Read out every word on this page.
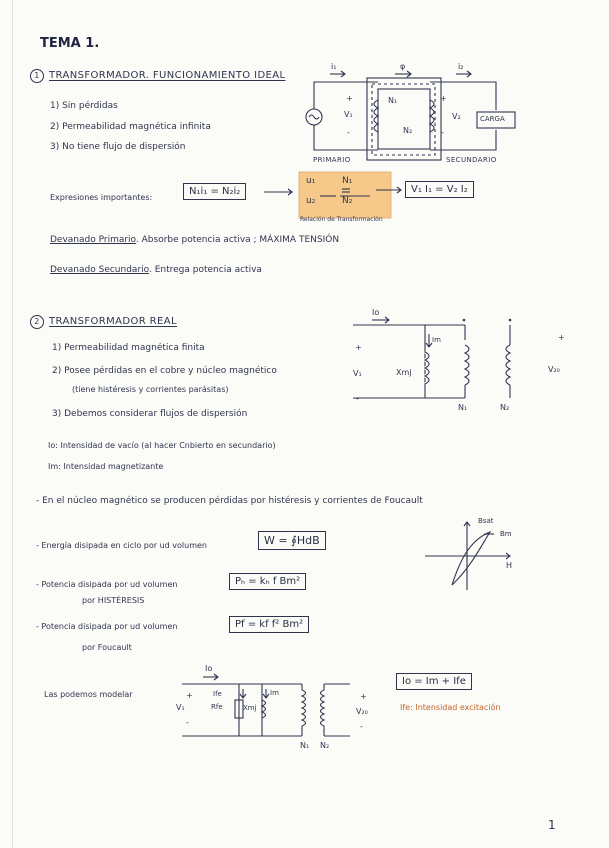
TEMA 1.
1 TRANSFORMADOR. FUNCIONAMIENTO IDEAL
1) Sin pérdidas
2) Permeabilidad magnética infinita
3) No tiene flujo de dispersión
i₁	i₂
φ
N₁
N₂
+
V₁
-
+
V₂
-
CARGA
PRIMARIO	SECUNDARIO
Expresiones importantes:
N₁i₁ = N₂i₂
u₁
u₂
N₁
N₂
Relación de Transformación
V₁ I₁ = V₂ I₂
Devanado Primario. Absorbe potencia activa ; MÁXIMA TENSIÓN
Devanado Secundario. Entrega potencia activa
2 TRANSFORMADOR REAL
1) Permeabilidad magnética finita
2) Posee pérdidas en el cobre y núcleo magnético
(tiene histéresis y corrientes parásitas)
3) Debemos considerar flujos de dispersión
Io: Intensidad de vacío (al hacer Cnbierto en secundario)
Im: Intensidad magnetizante
Io
Im
Xmj
+
V₁
-
+
V₂₀
N₁	N₂
- En el núcleo magnético se producen pérdidas por histéresis y corrientes de Foucault
- Energía disipada en ciclo por ud volumen	W = ∮HdB
Bsat
Bm
H
- Potencia disipada por ud volumen
por HISTÉRESIS
Pₕ = kₕ f Bm²
- Potencia disipada por ud volumen
por Foucault
Pf = kf f² Bm²
Las podemos modelar
Io
Ife	Im
Rfe	Xmj
+
V₁
-
+
V₂₀
-
N₁ N₂
Io = Im + Ife
Ife: Intensidad excitación
1
